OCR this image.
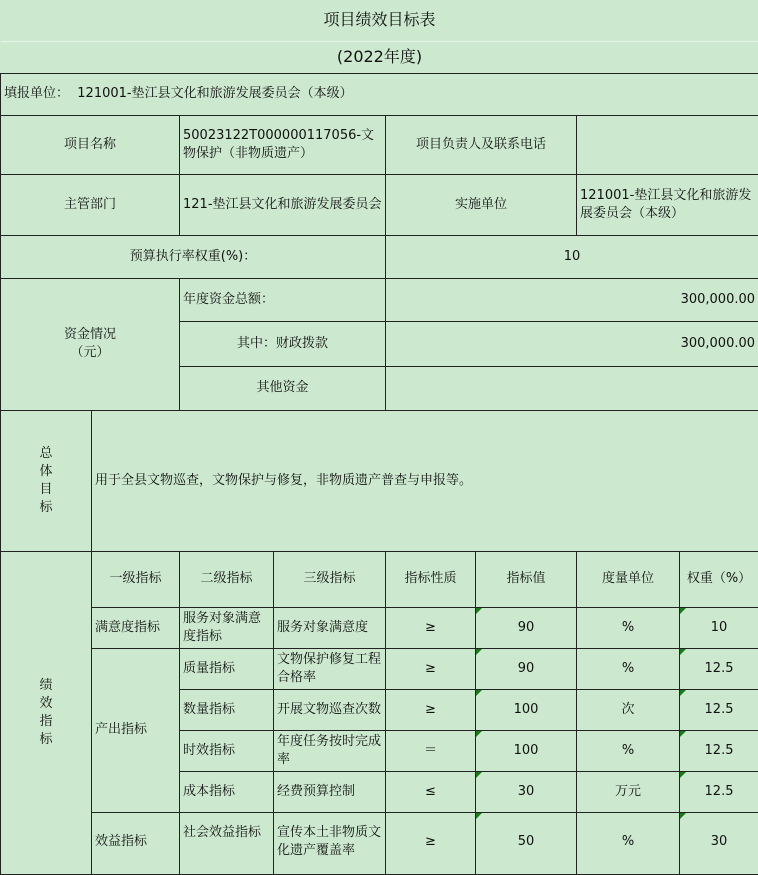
项目绩效目标表							
(2022年度)							
填报单位： 121001-垫江县文化和旅游发展委员会（本级）							
项目名称		50023122T000000117056-文物保护（非物质遗产）		项目负责人及联系电话			
主管部门		121-垫江县文化和旅游发展委员会		实施单位		121001-垫江县文化和旅游发展委员会（本级）	
预算执行率权重(%)：				10			

资金情况（元）		年度资金总额：		300,000.00			
		其中：财政拨款		300,000.00			
		其他资金					

总体目标	用于全县文物巡查，文物保护与修复，非物质遗产普查与申报等。						

绩效指标	一级指标	二级指标	三级指标	指标性质	指标值	度量单位	权重（%）
	满意度指标	服务对象满意度指标	服务对象满意度	≥	90	%	10
	产出指标	质量指标	文物保护修复工程合格率	≥	90	%	12.5
		数量指标	开展文物巡查次数	≥	100	次	12.5
		时效指标	年度任务按时完成率	＝	100	%	12.5
		成本指标	经费预算控制	≤	30	万元	12.5
	效益指标	社会效益指标	宣传本土非物质文化遗产覆盖率	≥	50	%	30
